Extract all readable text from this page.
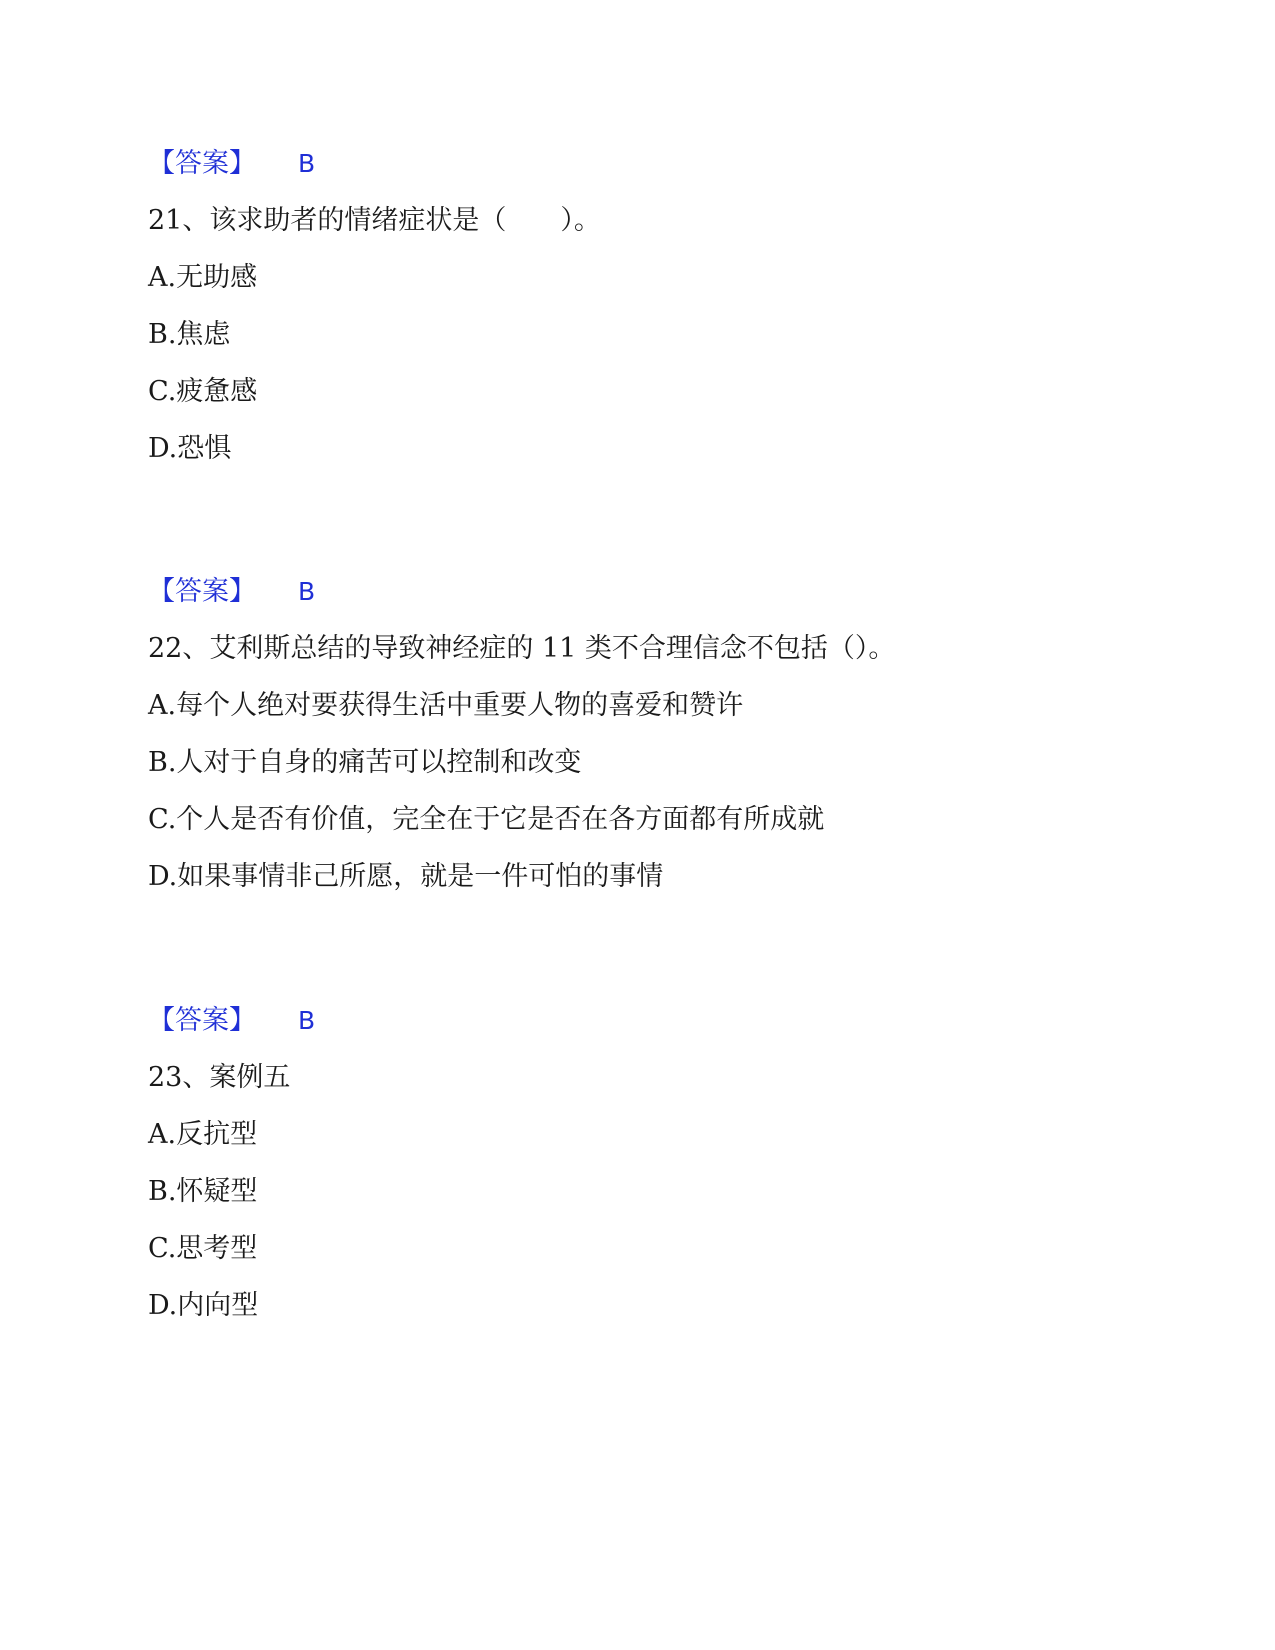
【答案】 B
21、该求助者的情绪症状是（　　）。
A.无助感
B.焦虑
C.疲惫感
D.恐惧
【答案】 B
22、艾利斯总结的导致神经症的 11 类不合理信念不包括（）。
A.每个人绝对要获得生活中重要人物的喜爱和赞许
B.人对于自身的痛苦可以控制和改变
C.个人是否有价值，完全在于它是否在各方面都有所成就
D.如果事情非己所愿，就是一件可怕的事情
【答案】 B
23、案例五
A.反抗型
B.怀疑型
C.思考型
D.内向型
